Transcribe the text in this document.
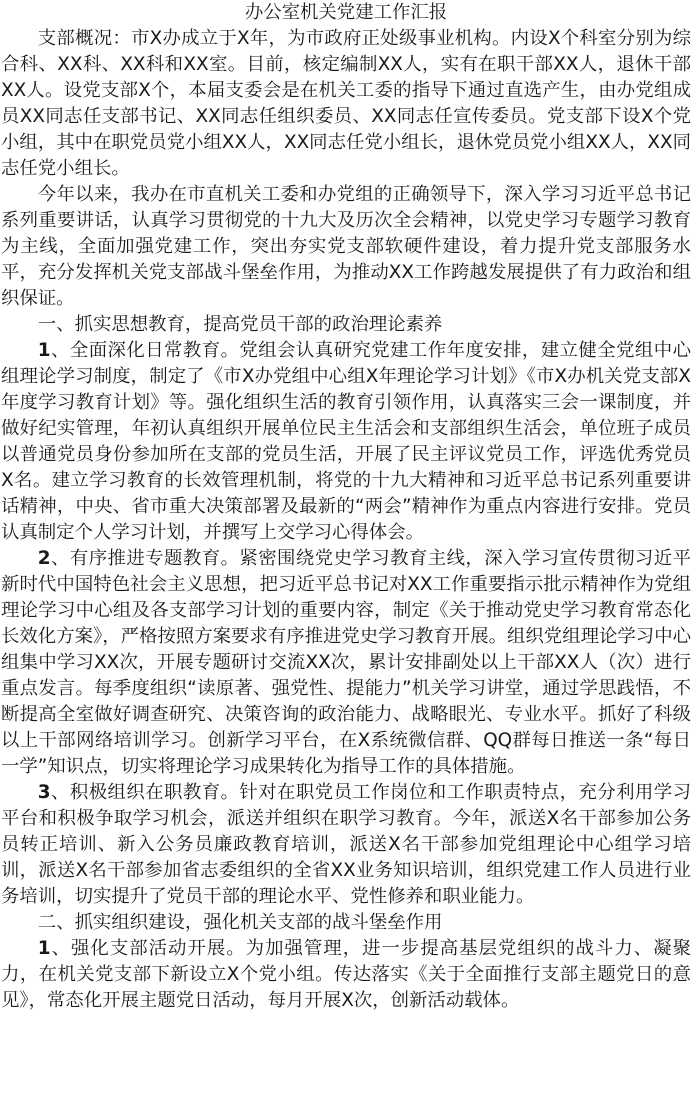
办公室机关党建工作汇报

支部概况：市X办成立于X年，为市政府正处级事业机构。内设X个科室分别为综合科、XX科、XX科和XX室。目前，核定编制XX人，实有在职干部XX人，退休干部XX人。设党支部X个，本届支委会是在机关工委的指导下通过直选产生，由办党组成员XX同志任支部书记、XX同志任组织委员、XX同志任宣传委员。党支部下设X个党小组，其中在职党员党小组XX人，XX同志任党小组长，退休党员党小组XX人，XX同志任党小组长。

今年以来，我办在市直机关工委和办党组的正确领导下，深入学习习近平总书记系列重要讲话，认真学习贯彻党的十九大及历次全会精神，以党史学习专题学习教育为主线，全面加强党建工作，突出夯实党支部软硬件建设，着力提升党支部服务水平，充分发挥机关党支部战斗堡垒作用，为推动XX工作跨越发展提供了有力政治和组织保证。

一、抓实思想教育，提高党员干部的政治理论素养

1、全面深化日常教育。党组会认真研究党建工作年度安排，建立健全党组中心组理论学习制度，制定了《市X办党组中心组X年理论学习计划》《市X办机关党支部X年度学习教育计划》等。强化组织生活的教育引领作用，认真落实三会一课制度，并做好纪实管理，年初认真组织开展单位民主生活会和支部组织生活会，单位班子成员以普通党员身份参加所在支部的党员生活，开展了民主评议党员工作，评选优秀党员X名。建立学习教育的长效管理机制，将党的十九大精神和习近平总书记系列重要讲话精神，中央、省市重大决策部署及最新的“两会”精神作为重点内容进行安排。党员认真制定个人学习计划，并撰写上交学习心得体会。

2、有序推进专题教育。紧密围绕党史学习教育主线，深入学习宣传贯彻习近平新时代中国特色社会主义思想，把习近平总书记对XX工作重要指示批示精神作为党组理论学习中心组及各支部学习计划的重要内容，制定《关于推动党史学习教育常态化长效化方案》，严格按照方案要求有序推进党史学习教育开展。组织党组理论学习中心组集中学习XX次，开展专题研讨交流XX次，累计安排副处以上干部XX人（次）进行重点发言。每季度组织“读原著、强党性、提能力”机关学习讲堂，通过学思践悟，不断提高全室做好调查研究、决策咨询的政治能力、战略眼光、专业水平。抓好了科级以上干部网络培训学习。创新学习平台，在X系统微信群、QQ群每日推送一条“每日一学”知识点，切实将理论学习成果转化为指导工作的具体措施。

3、积极组织在职教育。针对在职党员工作岗位和工作职责特点，充分利用学习平台和积极争取学习机会，派送并组织在职学习教育。今年，派送X名干部参加公务员转正培训、新入公务员廉政教育培训，派送X名干部参加党组理论中心组学习培训，派送X名干部参加省志委组织的全省XX业务知识培训，组织党建工作人员进行业务培训，切实提升了党员干部的理论水平、党性修养和职业能力。

二、抓实组织建设，强化机关支部的战斗堡垒作用

1、强化支部活动开展。为加强管理，进一步提高基层党组织的战斗力、凝聚力，在机关党支部下新设立X个党小组。传达落实《关于全面推行支部主题党日的意见》，常态化开展主题党日活动，每月开展X次，创新活动载体。
